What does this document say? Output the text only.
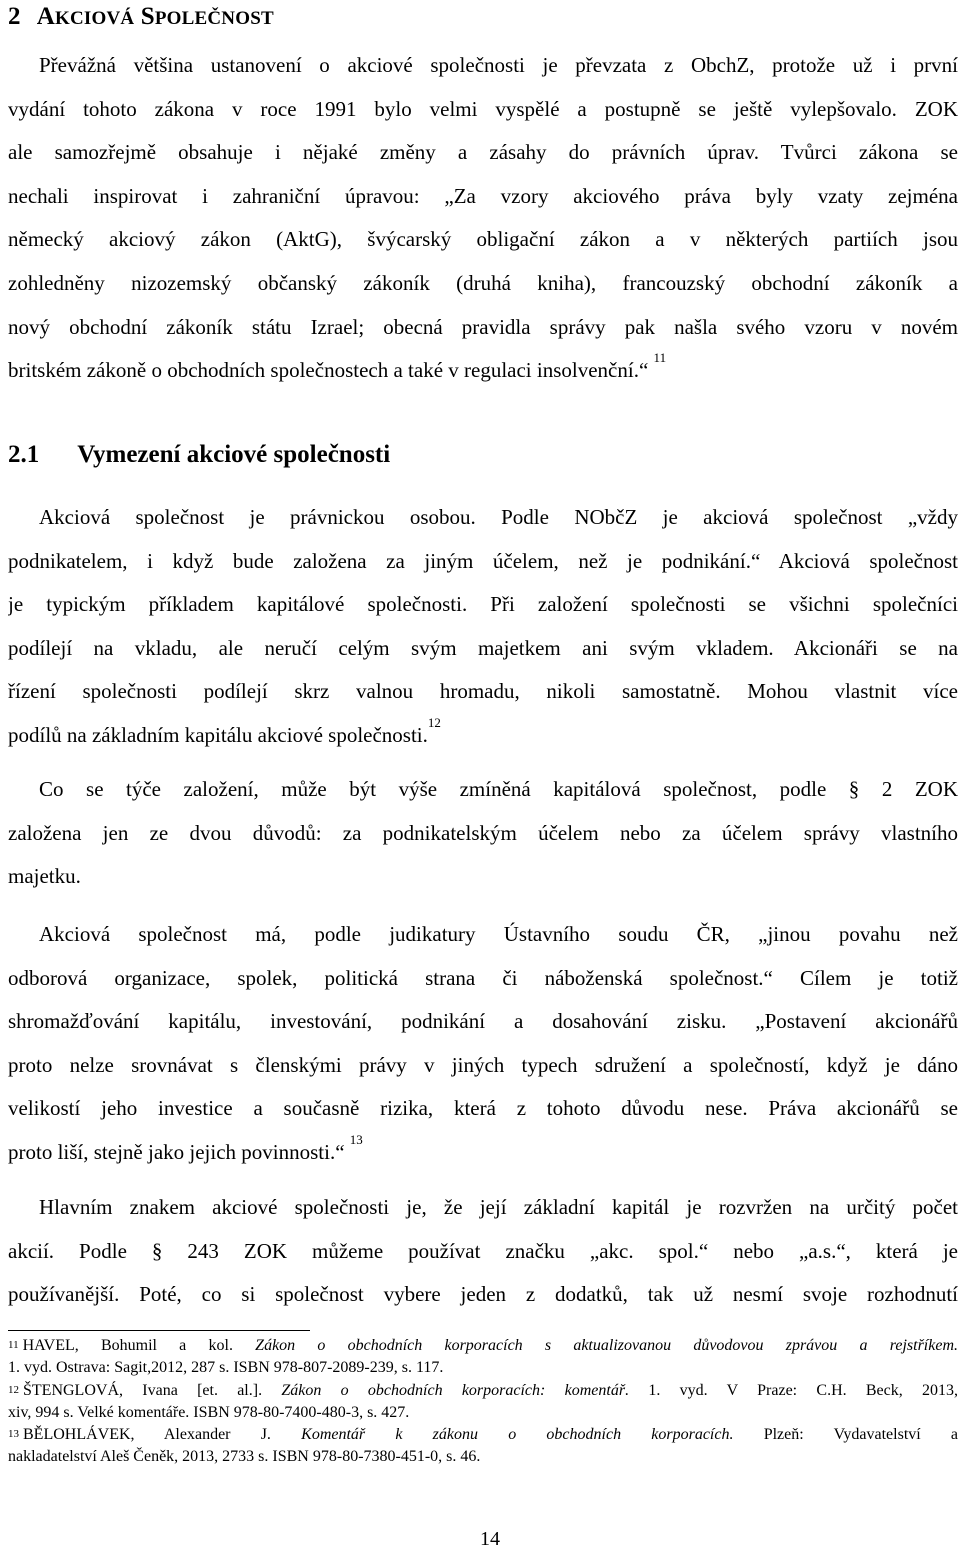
2 AKCIOVÁ SPOLEČNOST
Převážná většina ustanovení o akciové společnosti je převzata z ObchZ, protože už i první
vydání tohoto zákona v roce 1991 bylo velmi vyspělé a postupně se ještě vylepšovalo. ZOK
ale samozřejmě obsahuje i nějaké změny a zásahy do právních úprav. Tvůrci zákona se
nechali inspirovat i zahraniční úpravou: „Za vzory akciového práva byly vzaty zejména
německý akciový zákon (AktG), švýcarský obligační zákon a v některých partiích jsou
zohledněny nizozemský občanský zákoník (druhá kniha), francouzský obchodní zákoník a
nový obchodní zákoník státu Izrael; obecná pravidla správy pak našla svého vzoru v novém
britském zákoně o obchodních společnostech a také v regulaci insolvenční.“ $^{11}$
2.1 Vymezení akciové společnosti
Akciová společnost je právnickou osobou. Podle NObčZ je akciová společnost „vždy
podnikatelem, i když bude založena za jiným účelem, než je podnikání.“ Akciová společnost
je typickým příkladem kapitálové společnosti. Při založení společnosti se všichni společníci
podílejí na vkladu, ale neručí celým svým majetkem ani svým vkladem. Akcionáři se na
řízení společnosti podílejí skrz valnou hromadu, nikoli samostatně. Mohou vlastnit více
podílů na základním kapitálu akciové společnosti.$^{12}$
Co se týče založení, může být výše zmíněná kapitálová společnost, podle § 2 ZOK
založena jen ze dvou důvodů: za podnikatelským účelem nebo za účelem správy vlastního
majetku.
Akciová společnost má, podle judikatury Ústavního soudu ČR, „jinou povahu než
odborová organizace, spolek, politická strana či náboženská společnost.“ Cílem je totiž
shromažďování kapitálu, investování, podnikání a dosahování zisku. „Postavení akcionářů
proto nelze srovnávat s členskými právy v jiných typech sdružení a společností, když je dáno
velikostí jeho investice a současně rizika, která z tohoto důvodu nese. Práva akcionářů se
proto liší, stejně jako jejich povinnosti.“ $^{13}$
Hlavním znakem akciové společnosti je, že její základní kapitál je rozvržen na určitý počet
akcií. Podle § 243 ZOK můžeme používat značku „akc. spol.“ nebo „a.s.“, která je
používanější. Poté, co si společnost vybere jeden z dodatků, tak už nesmí svoje rozhodnutí
$^{11}$ HAVEL, Bohumil a kol. Zákon o obchodních korporacích s aktualizovanou důvodovou zprávou a rejstříkem.
1. vyd. Ostrava: Sagit,2012, 287 s. ISBN 978-807-2089-239, s. 117.
$^{12}$ ŠTENGLOVÁ, Ivana [et. al.]. Zákon o obchodních korporacích: komentář. 1. vyd. V Praze: C.H. Beck, 2013,
xiv, 994 s. Velké komentáře. ISBN 978-80-7400-480-3, s. 427.
$^{13}$ BĚLOHLÁVEK, Alexander J. Komentář k zákonu o obchodních korporacích. Plzeň: Vydavatelství a
nakladatelství Aleš Čeněk, 2013, 2733 s. ISBN 978-80-7380-451-0, s. 46.
14
